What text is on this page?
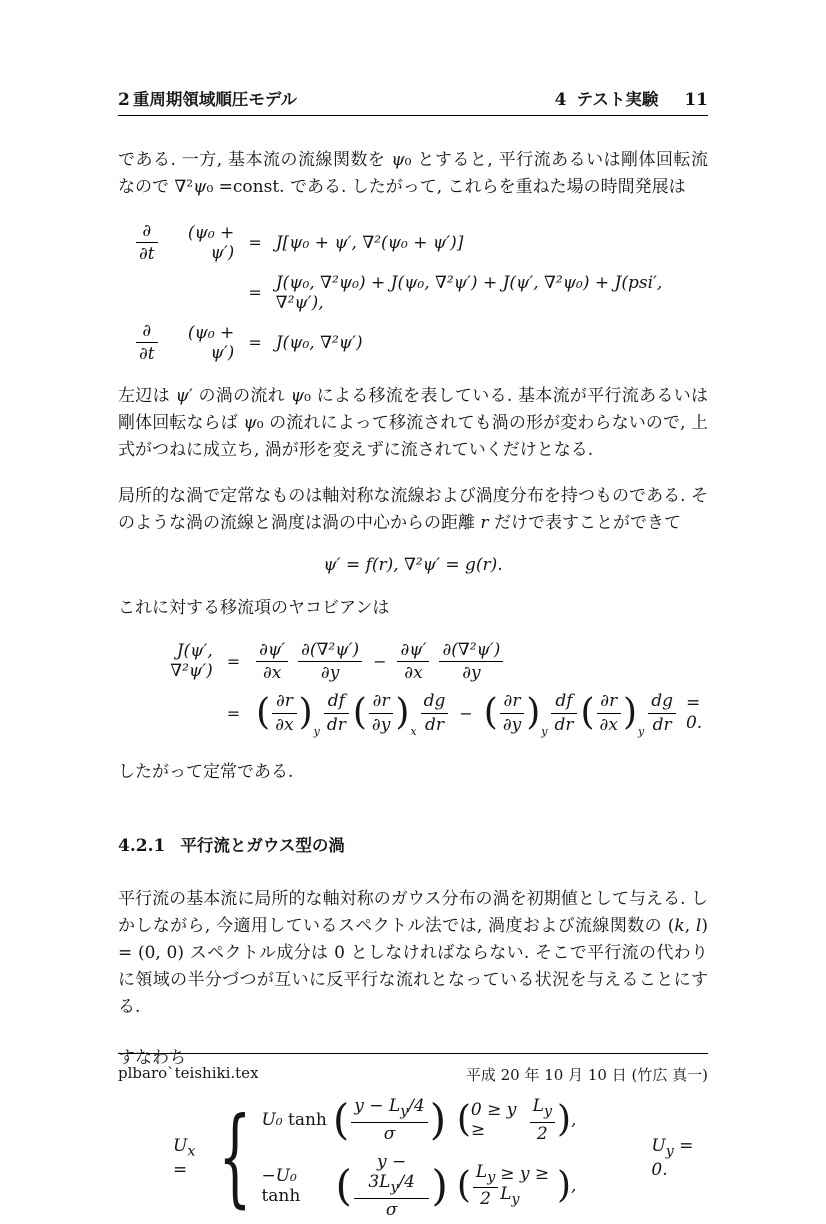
2 重周期領域順圧モデル	4 テスト実験 11

である. 一方, 基本流の流線関数を ψ₀ とすると, 平行流あるいは剛体回転流なので ∇²ψ₀ =const. である. したがって, これらを重ねた場の時間発展は

$\frac{\partial}{\partial t}$	(ψ₀ + ψ′)	=	J[ψ₀ + ψ′, ∇²(ψ₀ + ψ′)]
	=	J(ψ₀, ∇²ψ₀) + J(ψ₀, ∇²ψ′) + J(ψ′, ∇²ψ₀) + J(psi′, ∇²ψ′),

$\frac{\partial}{\partial t}$	(ψ₀ + ψ′)	=	J(ψ₀, ∇²ψ′)

左辺は ψ′ の渦の流れ ψ₀ による移流を表している. 基本流が平行流あるいは剛体回転ならば ψ₀ の流れによって移流されても渦の形が変わらないので, 上式がつねに成立ち, 渦が形を変えずに流されていくだけとなる.

局所的な渦で定常なものは軸対称な流線および渦度分布を持つものである. そのような渦の流線と渦度は渦の中心からの距離 r だけで表すことができて

ψ′ = f(r), ∇²ψ′ = g(r).

これに対する移流項のヤコビアンは

J(ψ′, ∇²ψ′)	=	$\frac{\partial\psi'}{\partial x} \frac{\text{∂(∇²ψ′)}}{\partial y} - \frac{\partial\psi'}{\partial x} \frac{\text{∂(∇²ψ′)}}{\partial y}$

	=	( $\frac{\partial r}{\partial x}$ ) y $\frac{df}{dr}$ ( $\frac{\partial r}{\partial y}$ ) x $\frac{dg}{dr}$ − ( $\frac{\partial r}{\partial y}$ ) y $\frac{df}{dr}$ ( $\frac{\partial r}{\partial x}$ ) y $\frac{dg}{dr} = 0$.

したがって定常である.

4.2.1 平行流とガウス型の渦

平行流の基本流に局所的な軸対称のガウス分布の渦を初期値として与える. しかしながら, 今適用しているスペクトル法では, 渦度および流線関数の (k, l) = (0, 0) スペクトル成分は 0 としなければならない. そこで平行流の代わりに領域の半分づつが互いに反平行な流れとなっている状況を与えることにする.

すなわち

$U_x$ = { U₀ tanh ( $\frac{y - L_y/4}{\sigma}$ )	( 0 ≥ y ≥	$\frac{L_y}{2}$ ) ,

−U₀ tanh ( $\frac{y - 3L_y/4}{\sigma}$ )	( $\frac{L_y}{2} \ge y \ge L_y$	) ,
$U_y = 0$.
plbaro`teishiki.tex	平成 20 年 10 月 10 日 (竹広 真一)
